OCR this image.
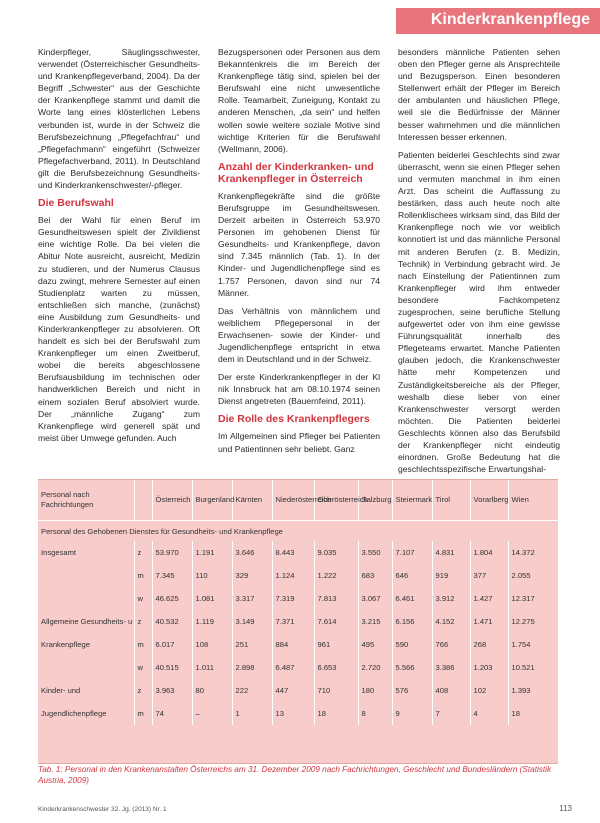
Kinderkrankenpflege

Kinderpfleger, Säuglingsschwester, verwendet (Österreichischer Gesundheits- und Krankenpflegeverband, 2004). Da der Begriff „Schwester“ aus der Geschichte der Krankenpflege stammt und damit die Worte lang eines klösterlichen Lebens verbunden ist, wurde in der Schweiz die Berufsbezeichnung „Pflegefachfrau“ und „Pflegefachmann“ eingeführt (Schweizer Pflegefachverband, 2011). In Deutschland gilt die Berufsbezeichnung Gesundheits- und Kinderkrankenschwester/-pfleger.

Die Berufswahl

Bei der Wahl für einen Beruf im Gesundheitswesen spielt der Zivildienst eine wichtige Rolle. Da bei vielen die Abitur Note ausreicht, ausreicht, Medizin zu studieren, und der Numerus Clausus dazu zwingt, mehrere Semester auf einen Studienplatz warten zu müssen, entschließen sich manche, (zunächst) eine Ausbildung zum Gesundheits- und Kinderkrankenpfleger zu absolvieren. Oft handelt es sich bei der Berufswahl zum Krankenpfleger um einen Zweitberuf, wobei die bereits abgeschlossene Berufsausbildung im technischen oder handwerklichen Bereich und nicht in einem sozialen Beruf absolviert wurde. Der „männliche Zugang“ zum Krankenpflege wird generell spät und meist über Umwege gefunden. Auch

Bezugspersonen oder Personen aus dem Bekanntenkreis die im Bereich der Krankenpflege tätig sind, spielen bei der Berufswahl eine nicht unwesentliche Rolle. Teamarbeit, Zuneigung, Kontakt zu anderen Menschen, „da sein“ und helfen wollen sowie weitere soziale Motive sind wichtige Kriterien für die Berufswahl (Wellmann, 2006).

Anzahl der Kinderkranken- und Krankenpfleger in Österreich

Krankenpflegekräfte sind die größte Berufsgruppe im Gesundheitswesen. Derzeit arbeiten in Österreich 53.970 Personen im gehobenen Dienst für Gesundheits- und Krankenpflege, davon sind 7.345 männlich (Tab. 1). In der Kinder- und Jugendlichenpflege sind es 1.757 Personen, davon sind nur 74 Männer.

Das Verhältnis von männlichem und weiblichem Pflegepersonal in der Erwachsenen- sowie der Kinder- und Jugendlichenpflege entspricht in etwa dem in Deutschland und in der Schweiz.

Der erste Kinderkrankenpfleger in der Kl nik Innsbruck hat am 08.10.1974 seinen Dienst angetreten (Bauernfeind, 2011).

Die Rolle des Krankenpflegers

Im Allgemeinen sind Pfleger bei Patienten und Patientinnen sehr beliebt. Ganz

besonders männliche Patienten sehen oben den Pfleger gerne als Ansprechteile und Bezugsperson. Einen besonderen Stellenwert erhält der Pfleger im Bereich der ambulanten und häuslichen Pflege, weil sie die Bedürfnisse der Männer besser wahrnehmen und die männlichen Interessen besser erkennen.

Patienten beiderlei Geschlechts sind zwar überrascht, wenn sie einen Pfleger sehen und vermuten manchmal in ihm einen Arzt. Das scheint die Auffassung zu bestärken, dass auch heute noch alte Rollenklischees wirksam sind, das Bild der Krankenpflege noch wie vor weiblich konnotiert ist und das männliche Personal mit anderen Berufen (z. B. Medizin, Technik) in Verbindung gebracht wird. Je nach Einstellung der Patientinnen zum Krankenpfleger wird ihm entweder besondere Fachkompetenz zugesprochen, seine berufliche Stellung aufgewertet oder von ihm eine gewisse Führungsqualität innerhalb des Pflegeteams erwartet. Manche Patienten glauben jedoch, die Krankenschwester hätte mehr Kompetenzen und Zuständigkeitsbereiche als der Pfleger, weshalb diese lieber von einer Krankenschwester versorgt werden möchten. Die Patienten beiderlei Geschlechts können also das Berufsbild der Krankenpfleger nicht eindeutig einordnen. Große Bedeutung hat die geschlechtsspezifische Erwartungshal-

Personal nach Fachrichtungen		Österreich	Burgenland	Kärnten	Niederösterreich	Oberösterreich	Salzburg	Steiermark	Tirol	Vorarlberg	Wien
Personal des Gehobenen Dienstes für Gesundheits- und Krankenpflege											
Insgesamt	z	53.970	1.191	3.646	8.443	9.035	3.550	7.107	4.831	1.804	14.372
	m	7.345	110	329	1.124	1.222	683	646	919	377	2.055
	w	46.625	1.081	3.317	7.319	7.813	3.067	6.461	3.912	1.427	12.317
Allgemeine Gesundheits- u	z	40.532	1.119	3.149	7.371	7.614	3.215	6.156	4.152	1.471	12.275
Krankenpflege	m	6.017	108	251	884	961	495	590	766	268	1.754
	w	40.515	1.011	2.898	6.487	6.653	2.720	5.566	3.386	1.203	10.521
Kinder- und	z	3.963	80	222	447	710	180	576	408	102	1.393
Jugendlichenpflege	m	74	–	1	13	18	8	9	7	4	18
Tab. 1: Personal in den Krankenanstalten Österreichs am 31. Dezember 2009 nach Fachrichtungen, Geschlecht und Bundesländern (Statistik Austria, 2009)
Kinderkrankenschwester 32. Jg. (2013) Nr. 1	113
